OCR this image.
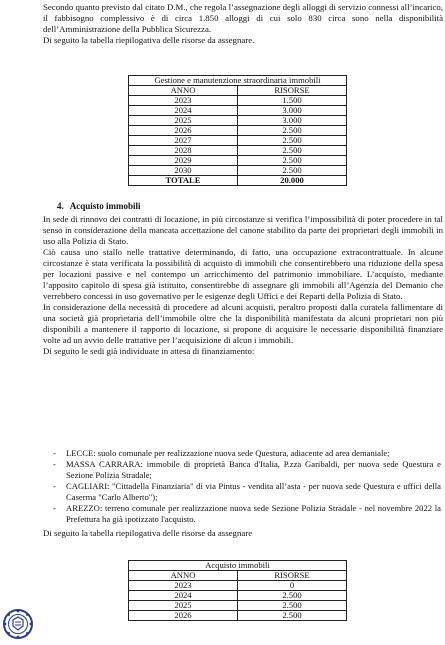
Secondo quanto previsto dal citato D.M., che regola l’assegnazione degli alloggi di servizio connessi all’incarico, il fabbisogno complessivo è di circa 1.850 alloggi di cui solo 830 circa sono nella disponibilità dell’Amministrazione della Pubblica Sicurezza.
Di seguito la tabella riepilogativa delle risorse da assegnare.
Gestione e manutenzione straordinaria immobili	
ANNO	RISORSE
2023	1.500
2024	3.000
2025	3.000
2026	2.500
2027	2.500
2028	2.500
2029	2.500
2030	2.500
TOTALE	20.000
4. Acquisto immobili
In sede di rinnovo dei contratti di locazione, in più circostanze si verifica l’impossibilità di poter procedere in tal senso in considerazione della mancata accettazione del canone stabilito da parte dei proprietari degli immobili in uso alla Polizia di Stato.
Ciò causa uno stallo nelle trattative determinando, di fatto, una occupazione extracontrattuale. In alcune circostanze è stata verificata la possibilità di acquisto di immobili che consentirebbero una riduzione della spesa per locazioni passive e nel contempo un arricchimento del patrimonio immobiliare. L’acquisto, mediante l’apposito capitolo di spesa già istituito, consentirebbe di assegnare gli immobili all’Agenzia del Demanio che verrebbero concessi in uso governativo per le esigenze degli Uffici e dei Reparti della Polizia di Stato.
In considerazione della necessità di procedere ad alcuni acquisti, peraltro proposti dalla curatela fallimentare di una società già proprietaria dell’immobile oltre che la disponibilità manifestata da alcuni proprietari non più disponibili a mantenere il rapporto di locazione, si propone di acquisire le necessarie disponibilità finanziare volte ad un avvio delle trattative per l’acquisizione di alcun i immobili.
Di seguito le sedi già individuate in attesa di finanziamento:
-	LECCE: suolo comunale per realizzazione nuova sede Questura, adiacente ad area demaniale;
-	MASSA CARRARA: immobile di proprietà Banca d'Italia, P.zza Garibaldi, per nuova sede Questura e Sezione Polizia Stradale;
-	CAGLIARI: "Cittadella Finanziaria" di via Pintus - vendita all’asta - per nuova sede Questura e uffici della Caserma "Carlo Alberto");
-	AREZZO: terreno comunale per realizzazione nuova sede Sezione Polizia Stradale - nel novembre 2022 la Prefettura ha già ipotizzato l'acquisto.
Di seguito la tabella riepilogativa delle risorse da assegnare
Acquisto immobili	
ANNO	RISORSE
2023	0
2024	2.500
2025	2.500
2026	2.500
